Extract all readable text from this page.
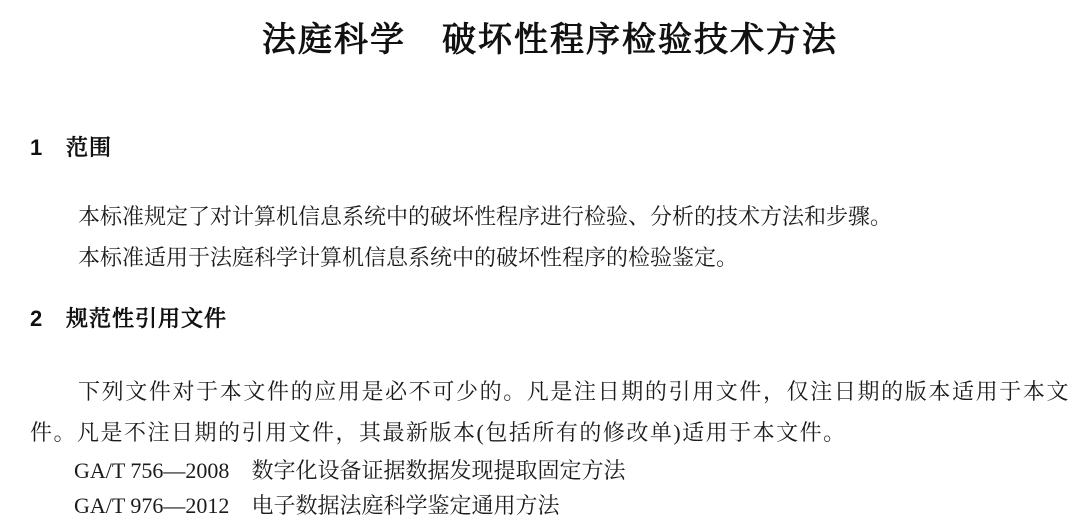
法庭科学　破坏性程序检验技术方法
1 范围

本标准规定了对计算机信息系统中的破坏性程序进行检验、分析的技术方法和步骤。

本标准适用于法庭科学计算机信息系统中的破坏性程序的检验鉴定。

2 规范性引用文件

下列文件对于本文件的应用是必不可少的。凡是注日期的引用文件，仅注日期的版本适用于本文件。凡是不注日期的引用文件，其最新版本(包括所有的修改单)适用于本文件。

GA/T 756—2008 数字化设备证据数据发现提取固定方法

GA/T 976—2012 电子数据法庭科学鉴定通用方法
